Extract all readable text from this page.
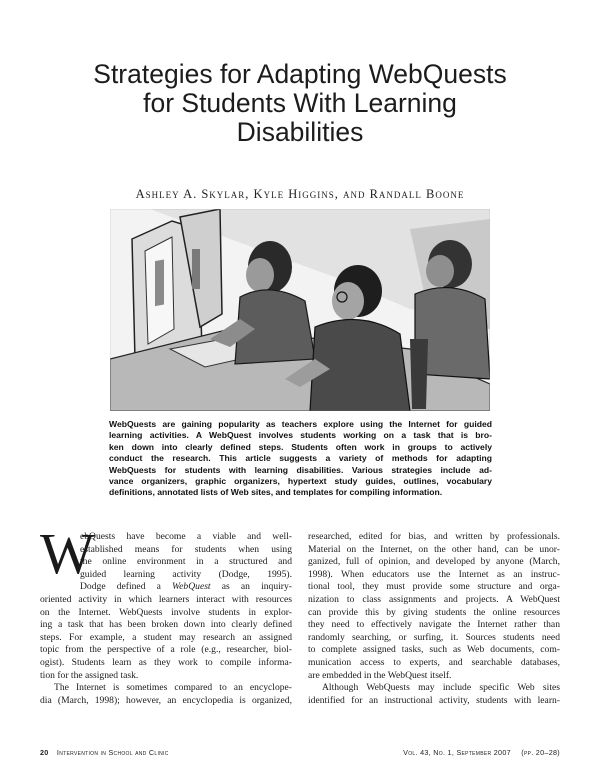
Strategies for Adapting WebQuests
for Students With Learning
Disabilities
Ashley A. Skylar, Kyle Higgins, and Randall Boone
WebQuests are gaining popularity as teachers explore using the Internet for guided
learning activities. A WebQuest involves students working on a task that is bro-
ken down into clearly defined steps. Students often work in groups to actively
conduct the research. This article suggests a variety of methods for adapting
WebQuests for students with learning disabilities. Various strategies include ad-
vance organizers, graphic organizers, hypertext study guides, outlines, vocabulary
definitions, annotated lists of Web sites, and templates for compiling information.
W
ebQuests have become a viable and well-
established means for students when using
the online environment in a structured and
guided learning activity (Dodge, 1995).
Dodge defined a WebQuest as an inquiry-
oriented activity in which learners interact with resources
on the Internet. WebQuests involve students in explor-
ing a task that has been broken down into clearly defined
steps. For example, a student may research an assigned
topic from the perspective of a role (e.g., researcher, biol-
ogist). Students learn as they work to compile informa-
tion for the assigned task.
The Internet is sometimes compared to an encyclope-
dia (March, 1998); however, an encyclopedia is organized,
researched, edited for bias, and written by professionals.
Material on the Internet, on the other hand, can be unor-
ganized, full of opinion, and developed by anyone (March,
1998). When educators use the Internet as an instruc-
tional tool, they must provide some structure and orga-
nization to class assignments and projects. A WebQuest
can provide this by giving students the online resources
they need to effectively navigate the Internet rather than
randomly searching, or surfing, it. Sources students need
to complete assigned tasks, such as Web documents, com-
munication access to experts, and searchable databases,
are embedded in the WebQuest itself.
Although WebQuests may include specific Web sites
identified for an instructional activity, students with learn-
20 Intervention in School and Clinic	Vol. 43, No. 1, September 2007 (pp. 20–28)
